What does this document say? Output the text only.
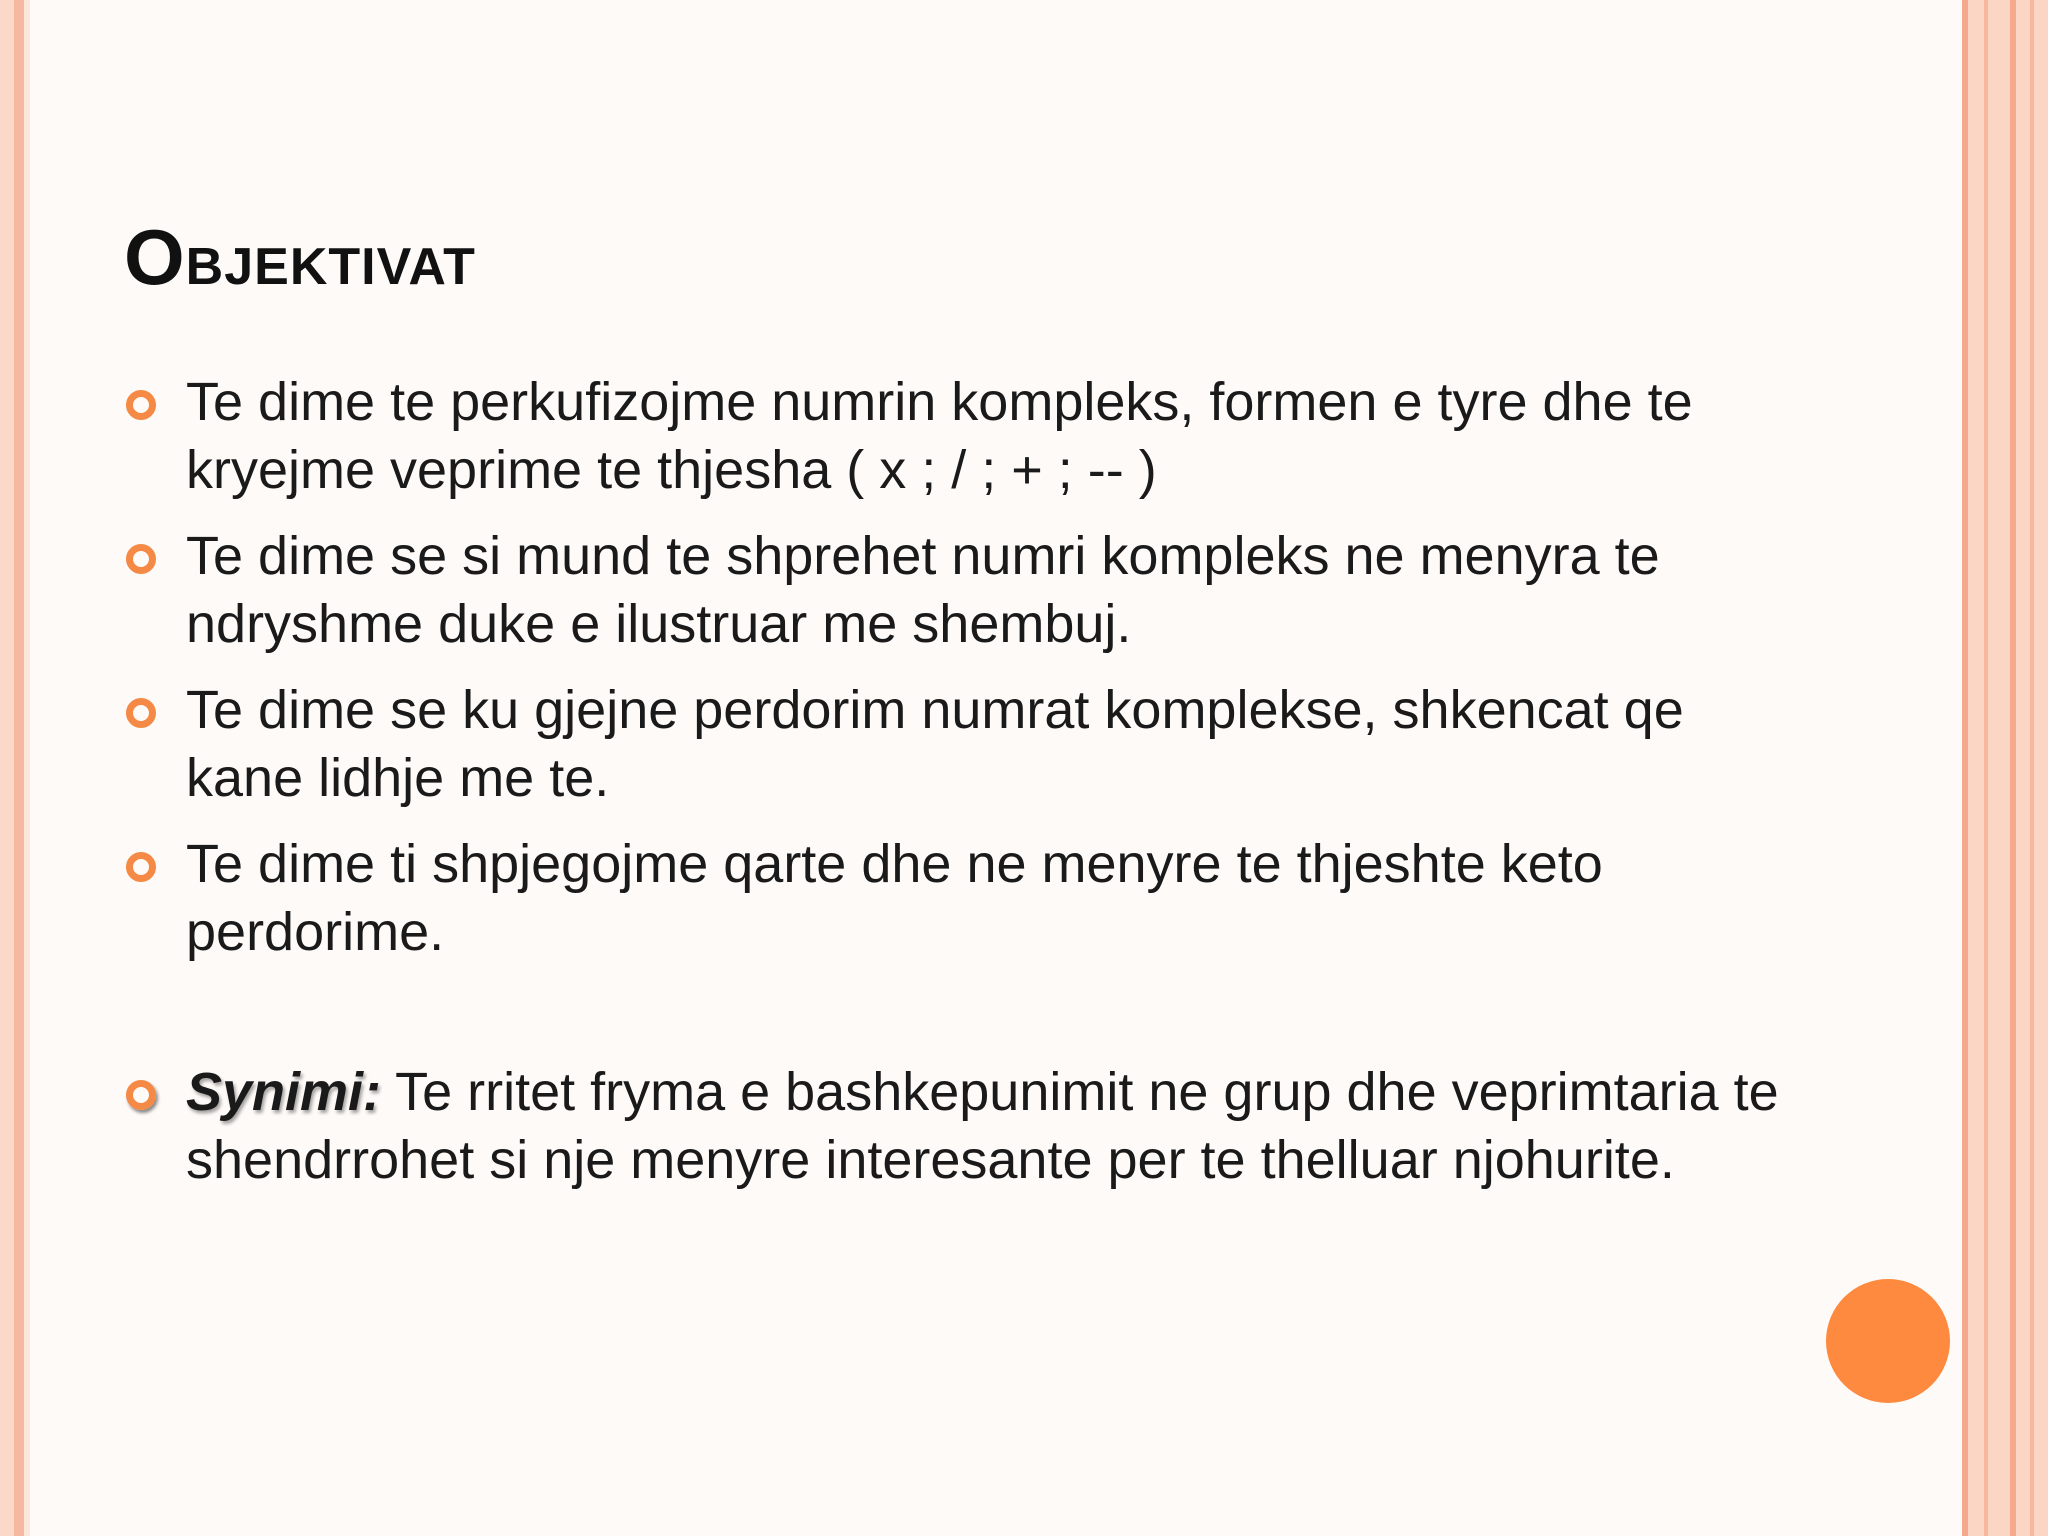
OBJEKTIVAT
Te dime te perkufizojme numrin kompleks, formen e tyre dhe te kryejme veprime te thjesha ( x ; / ; + ; -- )
Te dime se si mund te shprehet numri kompleks ne menyra te ndryshme duke e ilustruar me shembuj.
Te dime se ku gjejne perdorim numrat komplekse, shkencat qe kane lidhje me te.
Te dime ti shpjegojme qarte dhe ne menyre te thjeshte keto perdorime.
Synimi: Te rritet fryma e bashkepunimit ne grup dhe veprimtaria te shendrrohet si nje menyre interesante per te thelluar njohurite.
